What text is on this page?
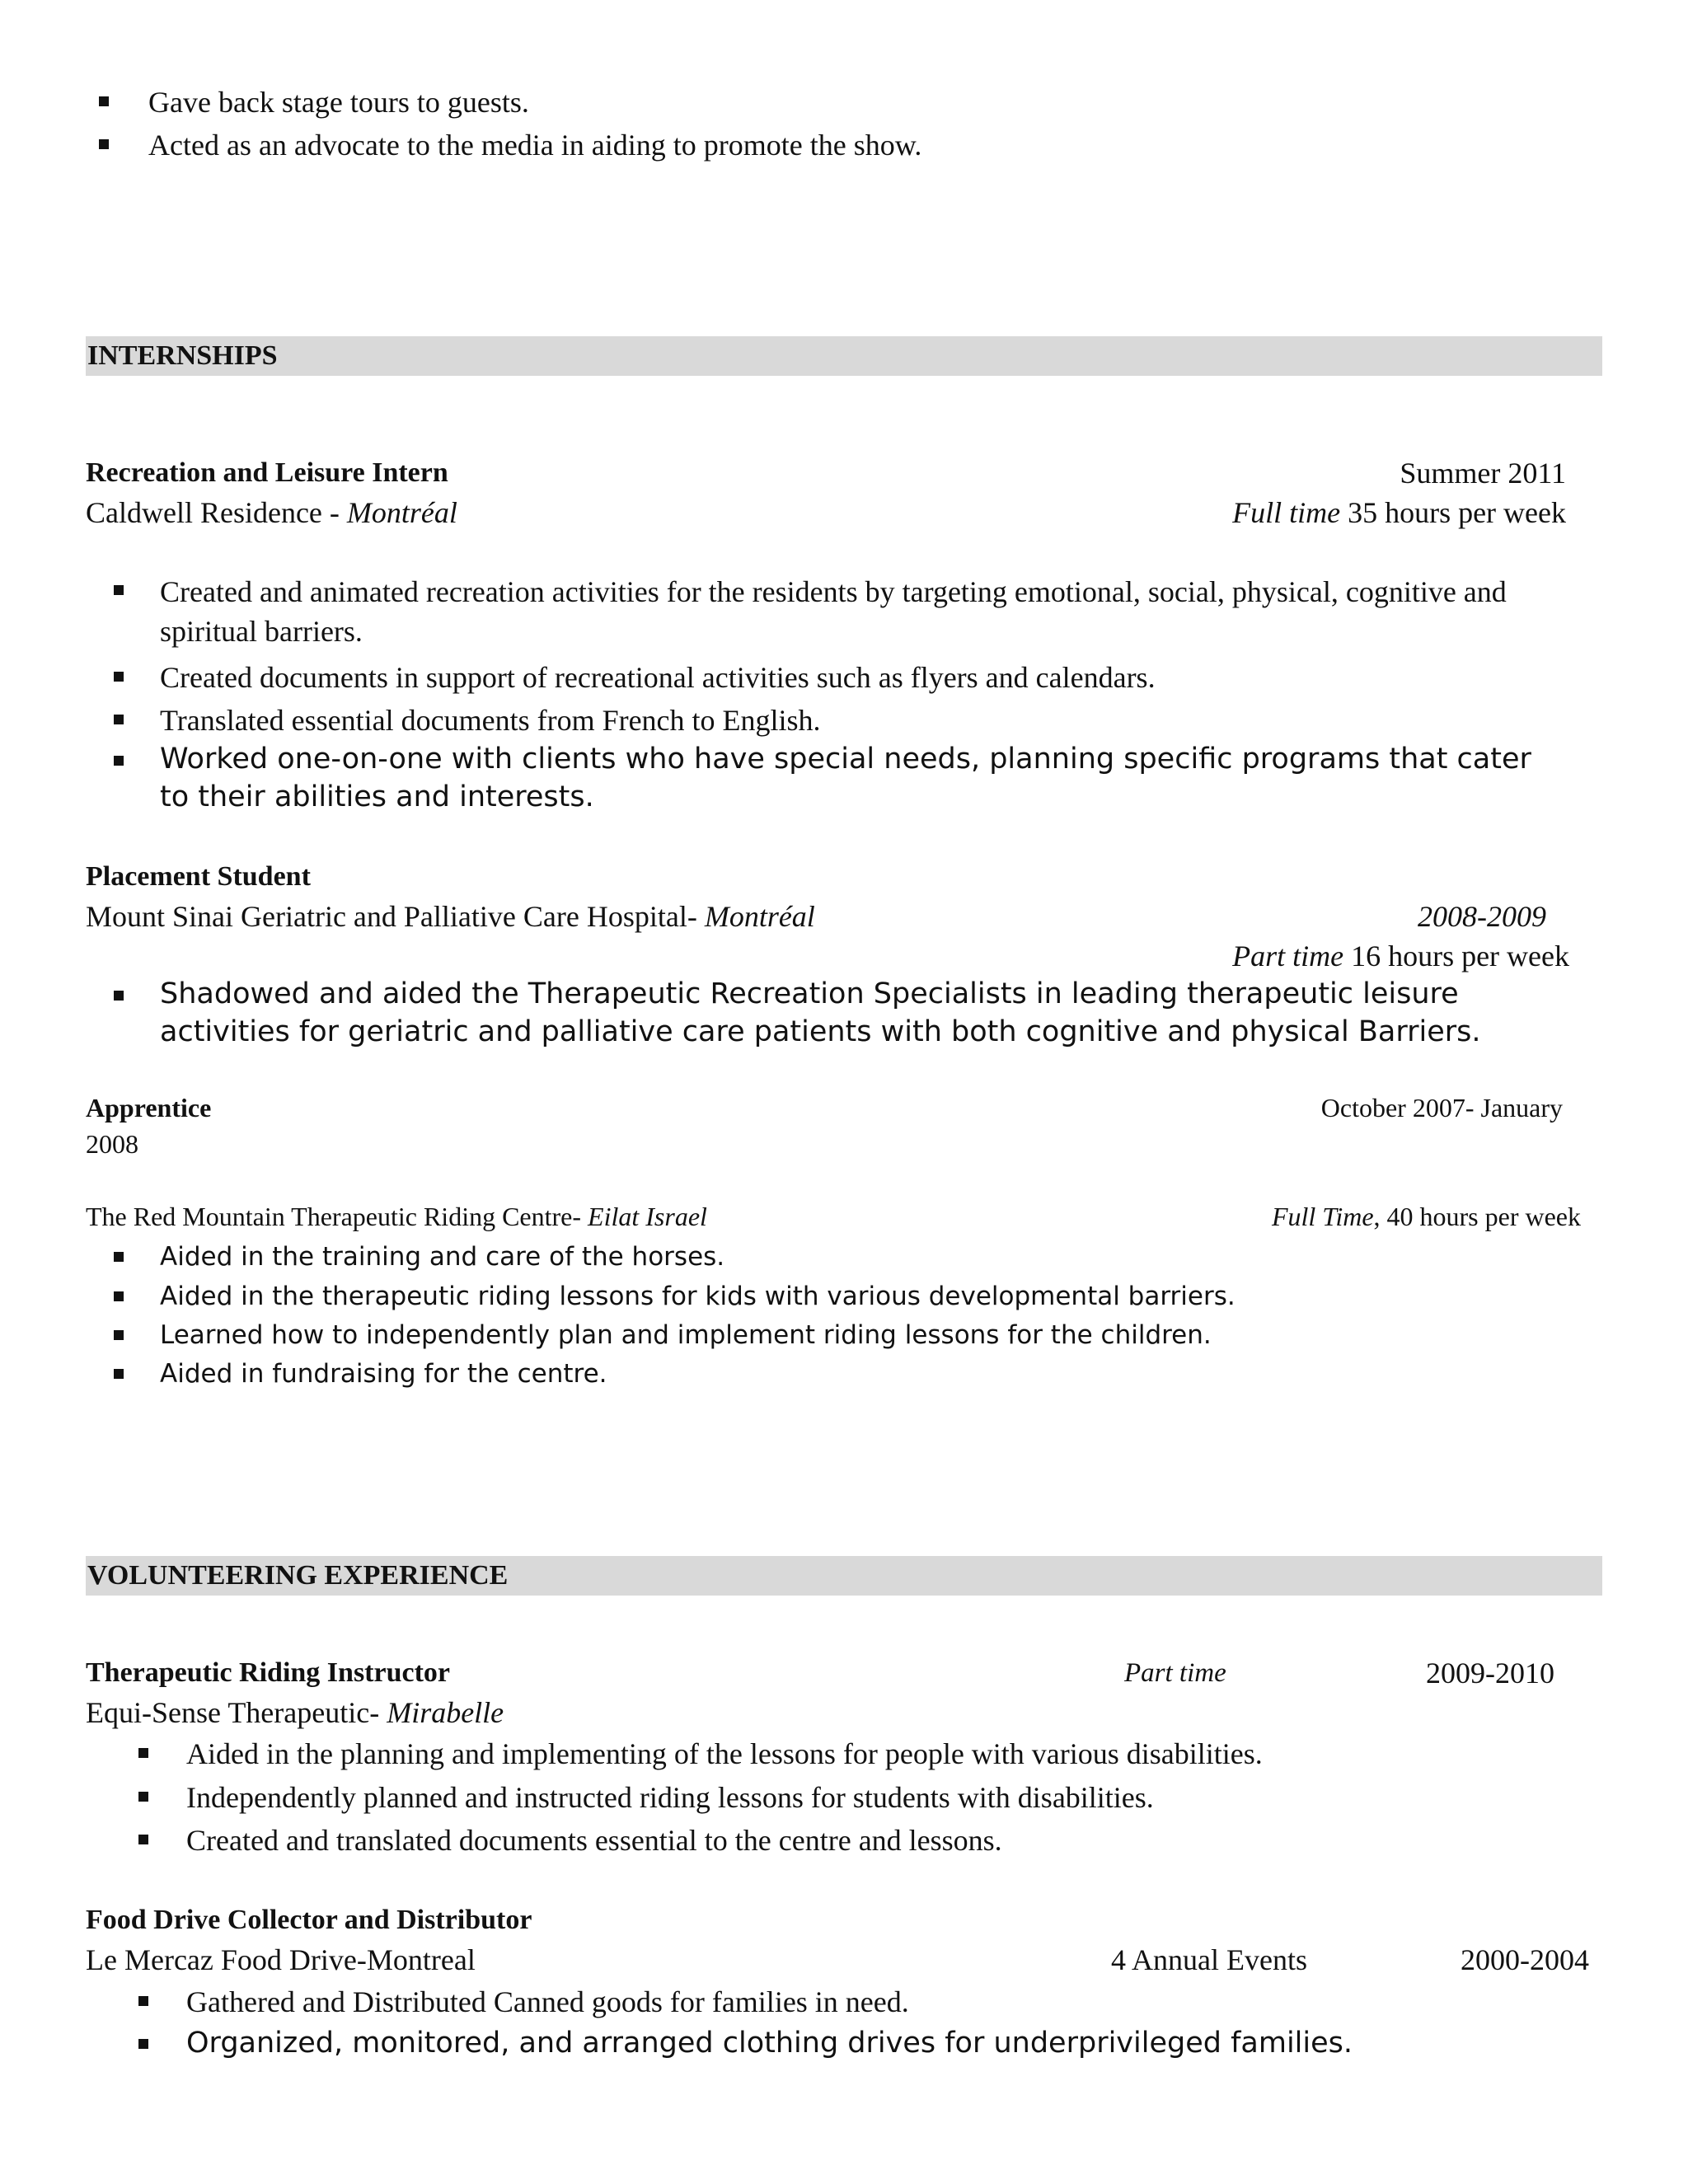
Gave back stage tours to guests.
Acted as an advocate to the media in aiding to promote the show.
INTERNSHIPS
Recreation and Leisure Intern	Summer 2011
Caldwell Residence - Montréal	Full time 35 hours per week
Created and animated recreation activities for the residents by targeting emotional, social, physical, cognitive and spiritual barriers.
Created documents in support of recreational activities such as flyers and calendars.
Translated essential documents from French to English.
Worked one-on-one with clients who have special needs, planning specific programs that cater to their abilities and interests.
Placement Student
Mount Sinai Geriatric and Palliative Care Hospital- Montréal	2008-2009
Part time 16 hours per week
Shadowed and aided the Therapeutic Recreation Specialists in leading therapeutic leisure activities for geriatric and palliative care patients with both cognitive and physical Barriers.
Apprentice	October 2007- January
2008
The Red Mountain Therapeutic Riding Centre- Eilat Israel	Full Time, 40 hours per week
Aided in the training and care of the horses.
Aided in the therapeutic riding lessons for kids with various developmental barriers.
Learned how to independently plan and implement riding lessons for the children.
Aided in fundraising for the centre.
VOLUNTEERING EXPERIENCE
Therapeutic Riding Instructor	Part time	2009-2010
Equi-Sense Therapeutic- Mirabelle
Aided in the planning and implementing of the lessons for people with various disabilities.
Independently planned and instructed riding lessons for students with disabilities.
Created and translated documents essential to the centre and lessons.
Food Drive Collector and Distributor
Le Mercaz Food Drive-Montreal	4 Annual Events	2000-2004
Gathered and Distributed Canned goods for families in need.
Organized, monitored, and arranged clothing drives for underprivileged families.
